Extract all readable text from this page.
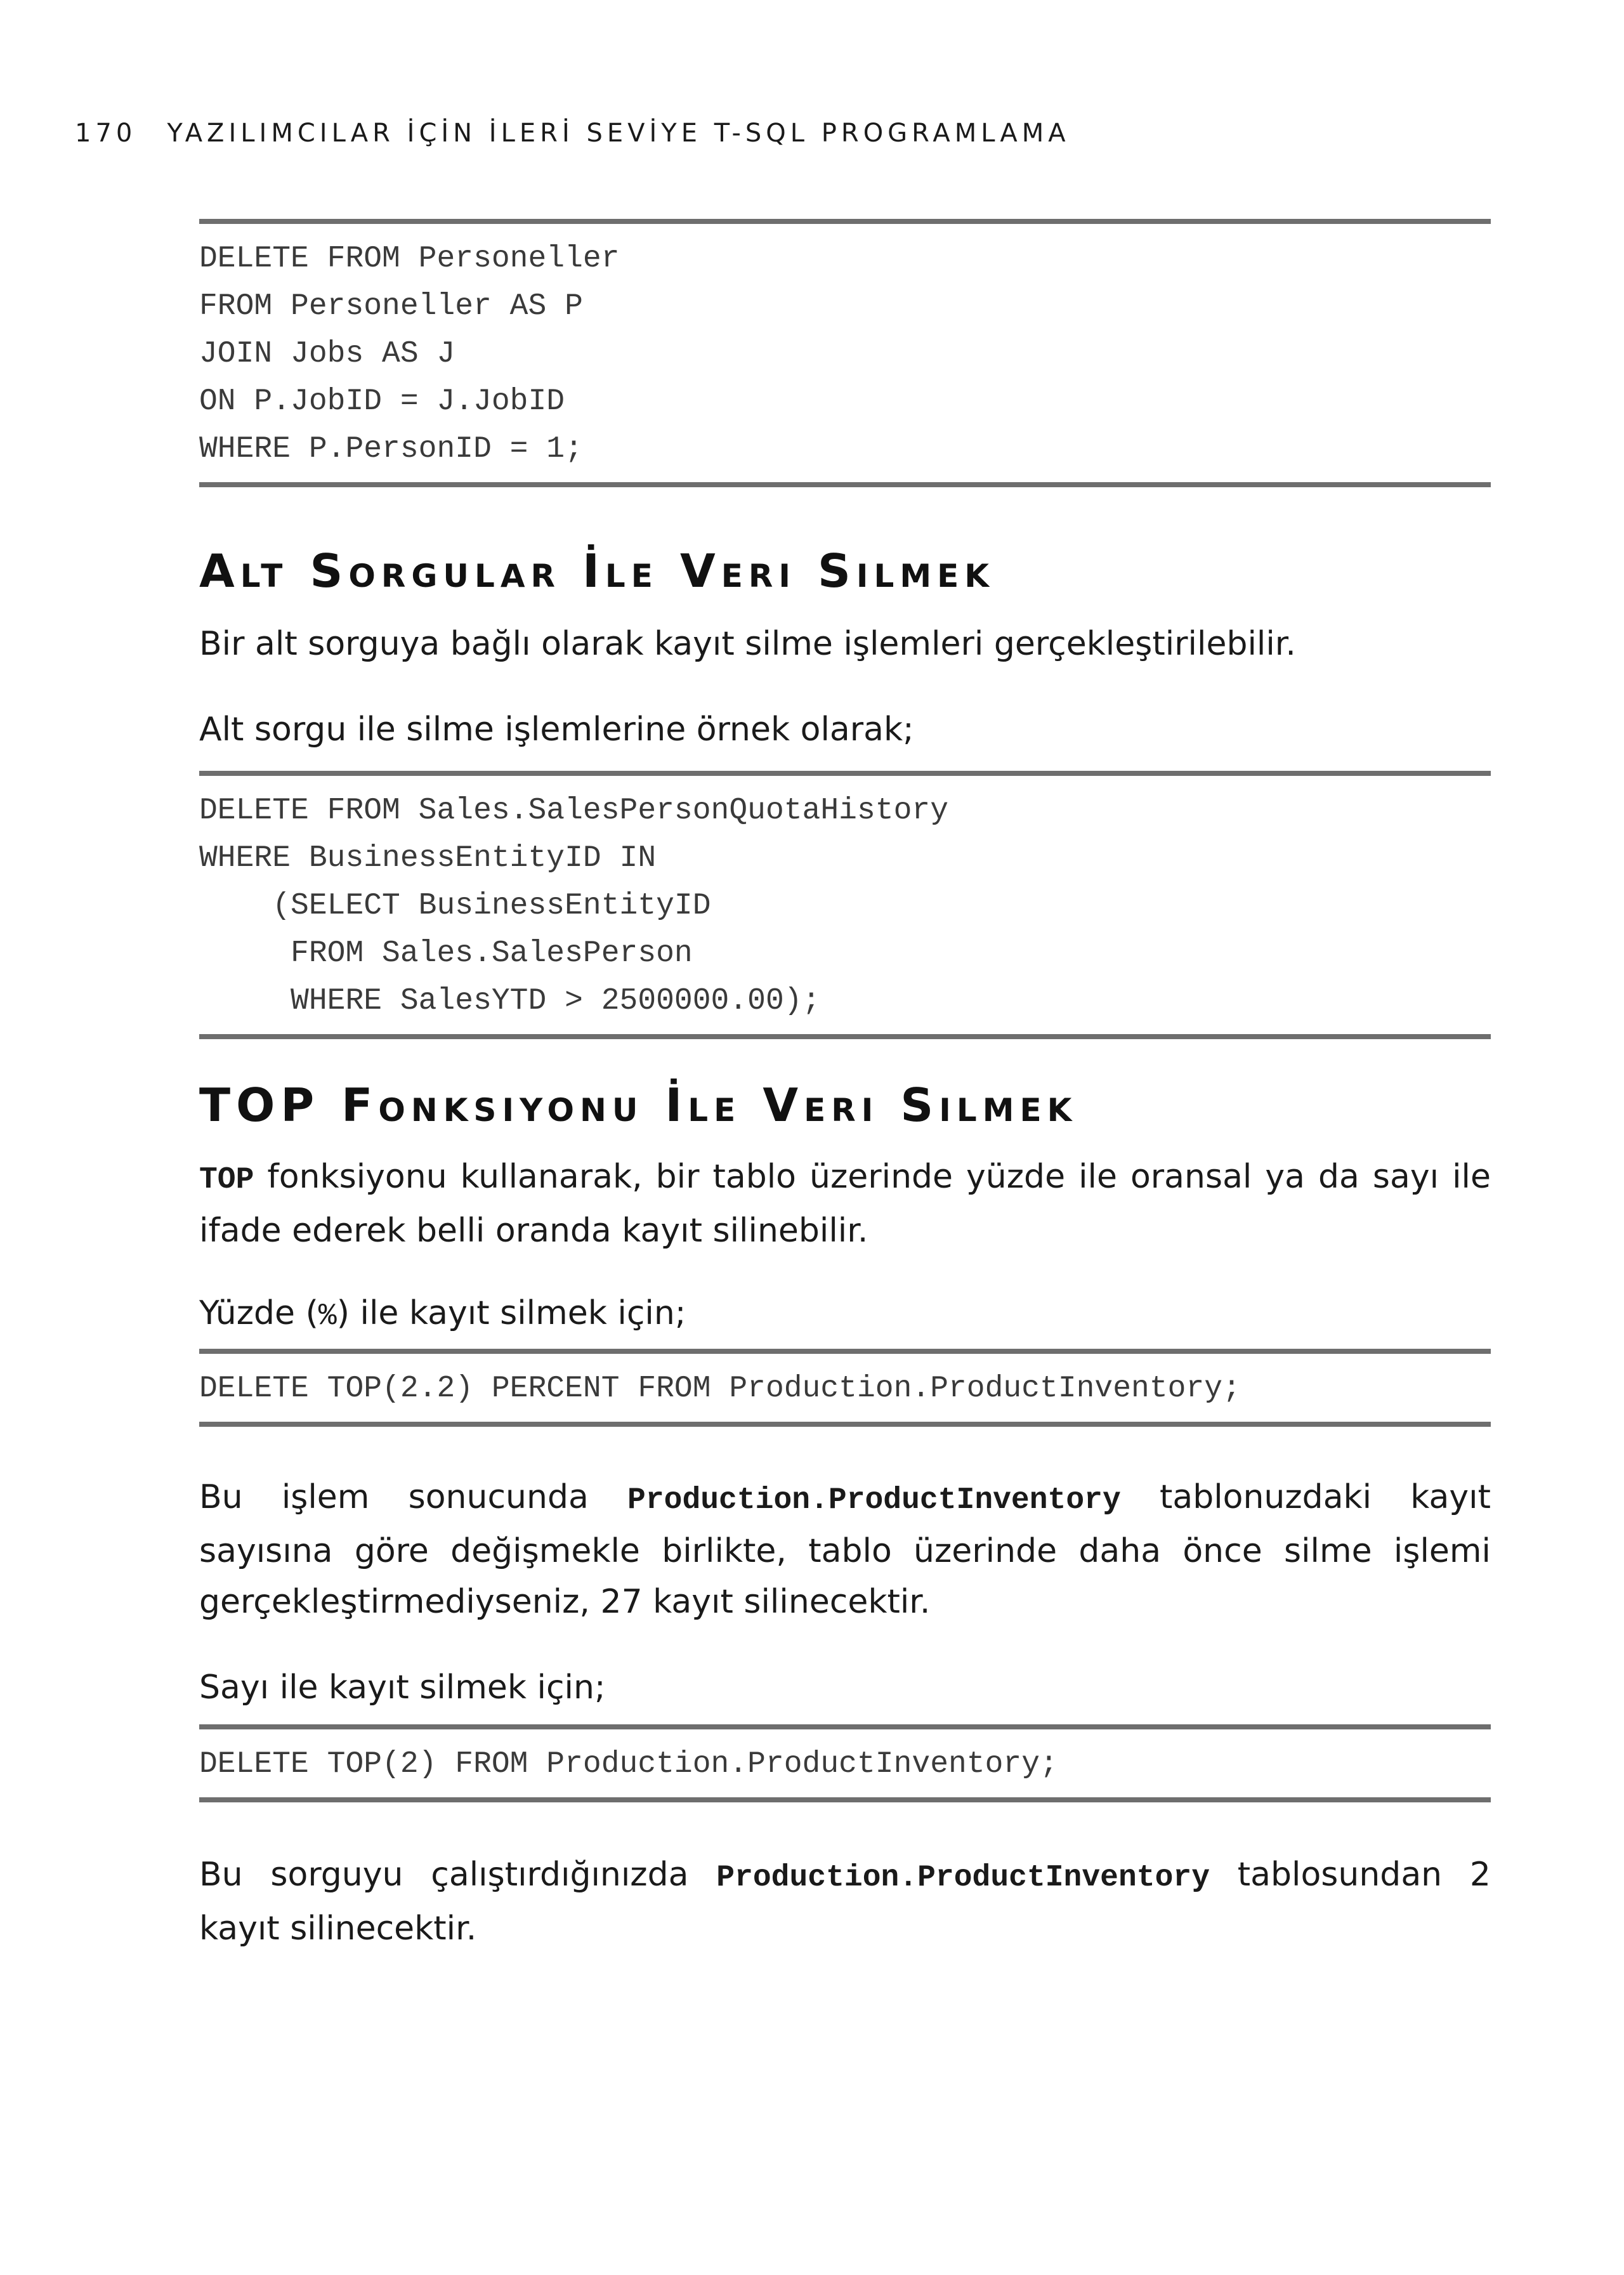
170 YAZILIMCILAR İÇİN İLERİ SEVİYE T-SQL PROGRAMLAMA
DELETE FROM Personeller
FROM Personeller AS P
JOIN Jobs AS J
ON P.JobID = J.JobID
WHERE P.PersonID = 1;
Alt Sorgular İle Veri Silmek
Bir alt sorguya bağlı olarak kayıt silme işlemleri gerçekleştirilebilir.
Alt sorgu ile silme işlemlerine örnek olarak;
DELETE FROM Sales.SalesPersonQuotaHistory
WHERE BusinessEntityID IN
(SELECT BusinessEntityID
FROM Sales.SalesPerson
WHERE SalesYTD > 2500000.00);
TOP Fonksiyonu İle Veri Silmek
TOP fonksiyonu kullanarak, bir tablo üzerinde yüzde ile oransal ya da sayı ile ifade ederek belli oranda kayıt silinebilir.
Yüzde (%) ile kayıt silmek için;
DELETE TOP(2.2) PERCENT FROM Production.ProductInventory;
Bu işlem sonucunda Production.ProductInventory tablonuzdaki kayıt sayısına göre değişmekle birlikte, tablo üzerinde daha önce silme işlemi gerçekleştirmediyseniz, 27 kayıt silinecektir.
Sayı ile kayıt silmek için;
DELETE TOP(2) FROM Production.ProductInventory;
Bu sorguyu çalıştırdığınızda Production.ProductInventory tablosundan 2 kayıt silinecektir.
